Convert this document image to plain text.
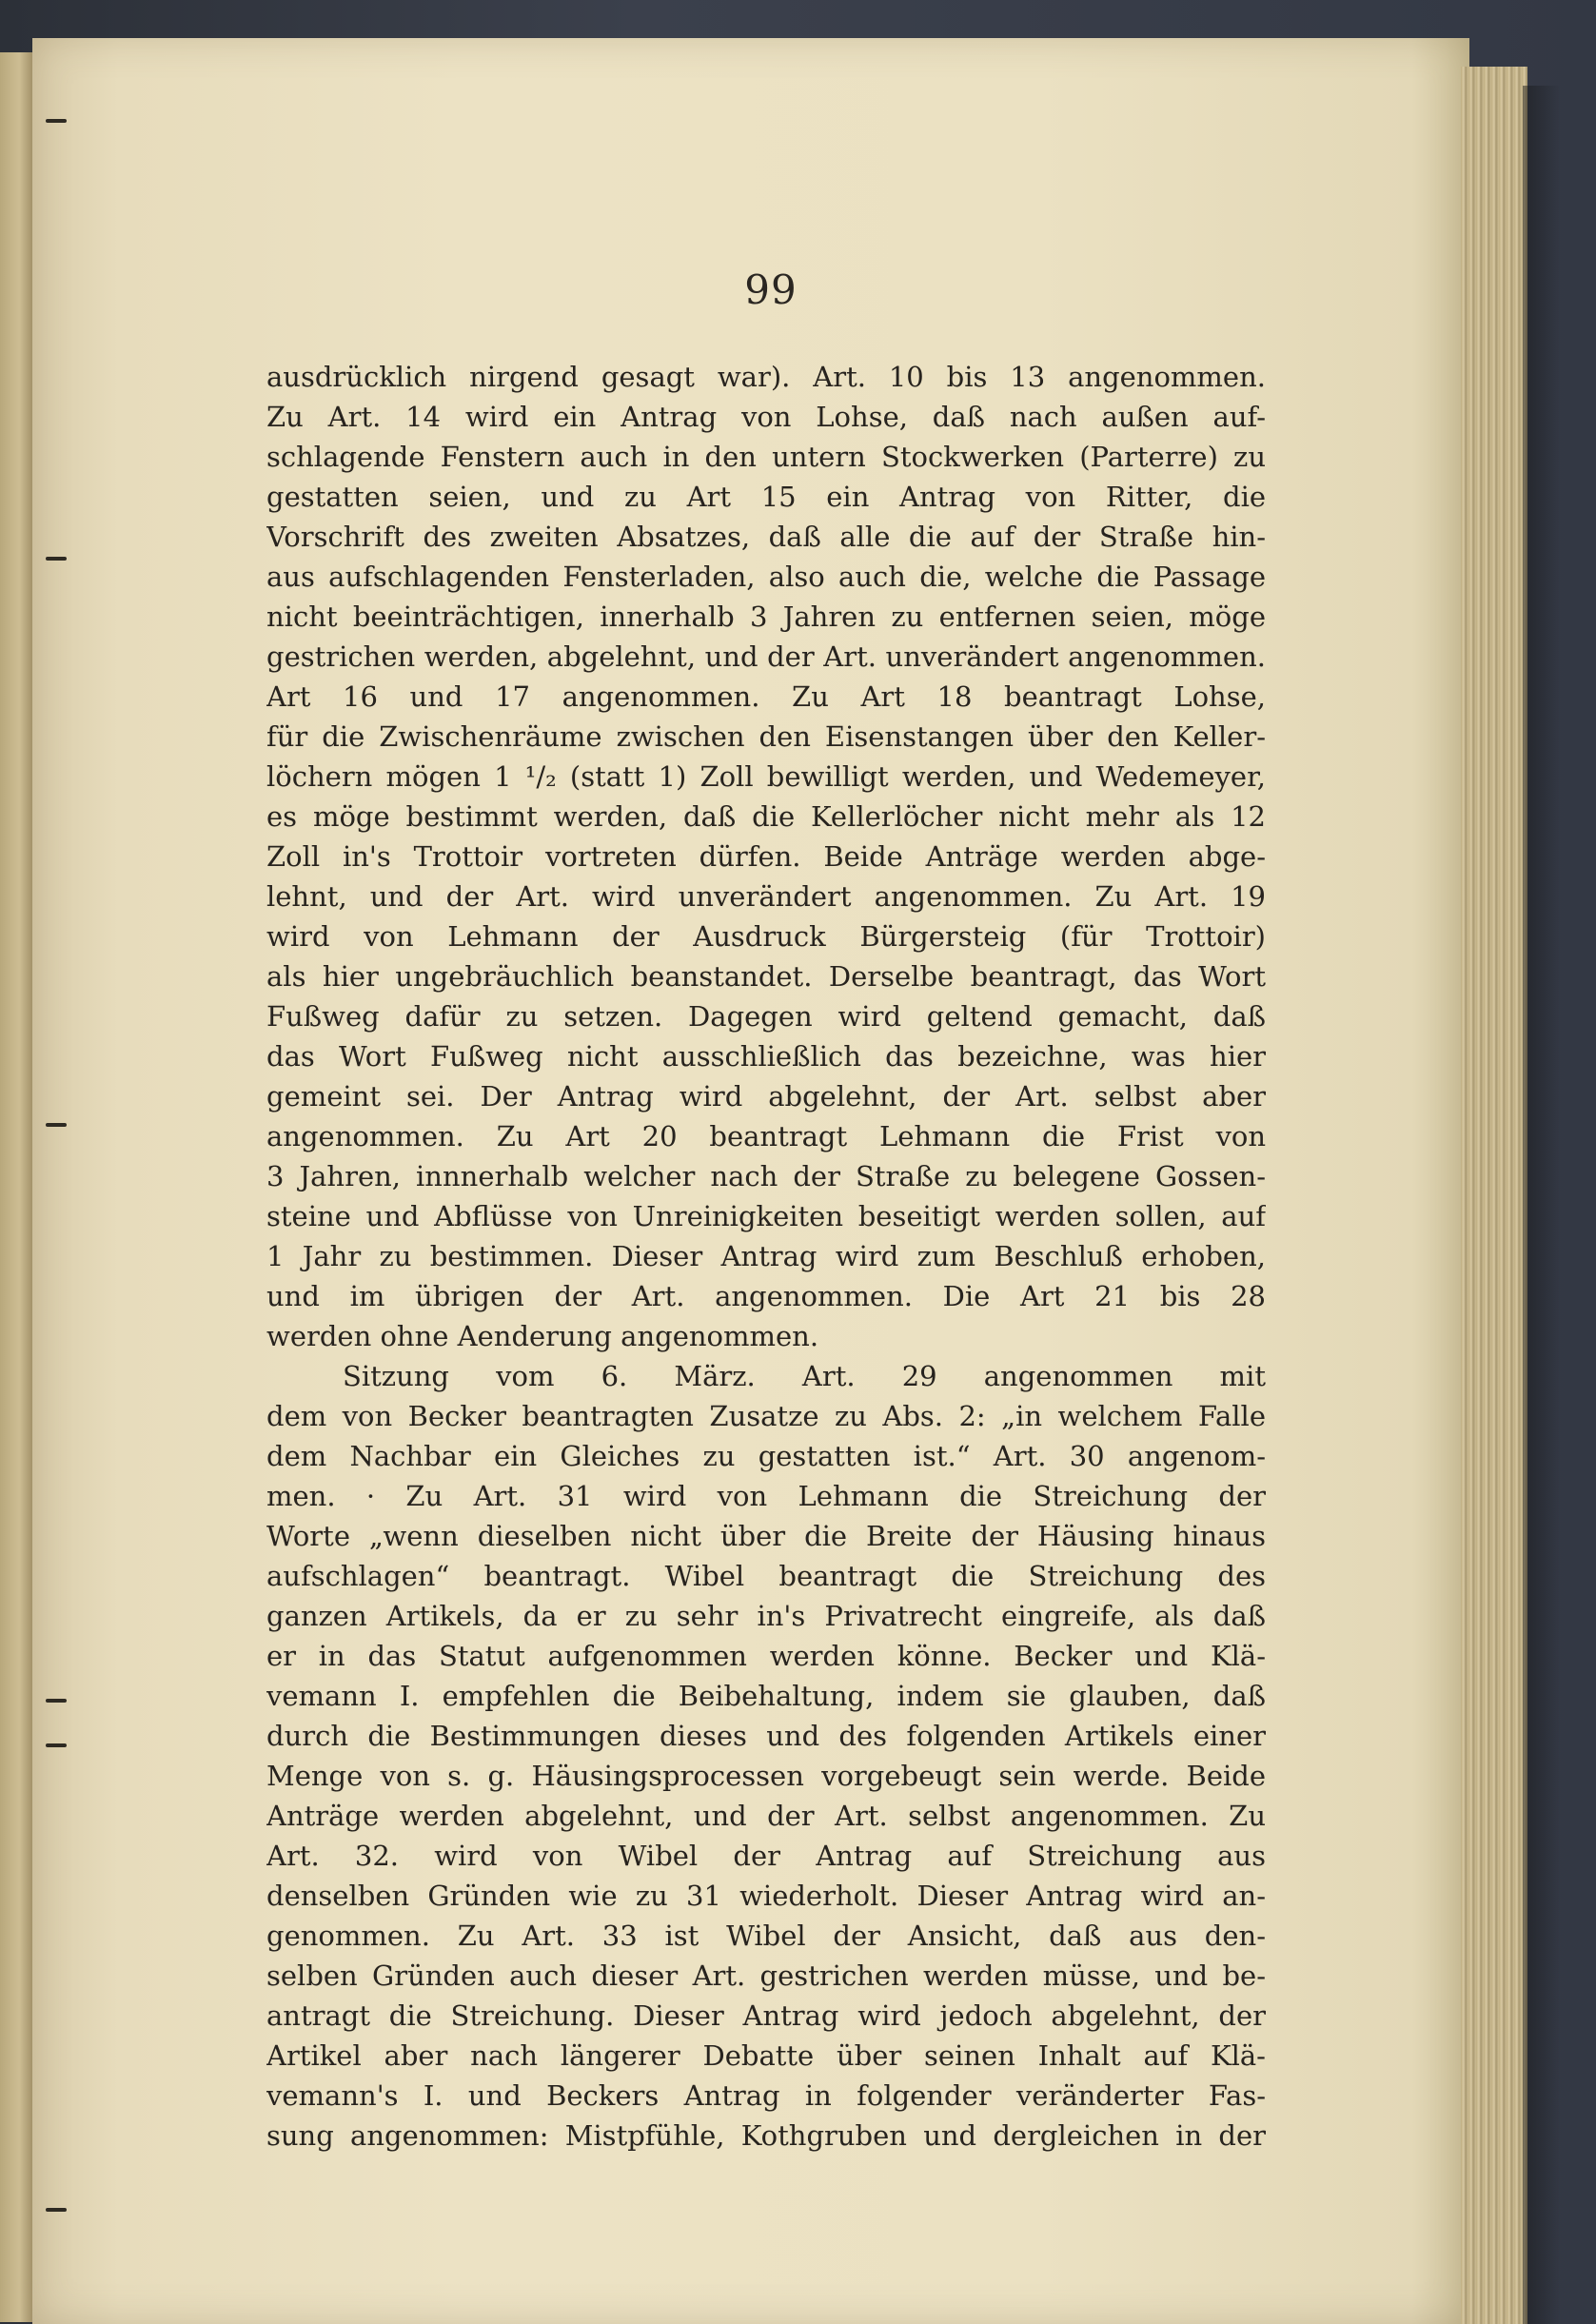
99
ausdrücklich nirgend gesagt war). Art. 10 bis 13 angenommen.
Zu Art. 14 wird ein Antrag von Lohse, daß nach außen auf-
schlagende Fenstern auch in den untern Stockwerken (Parterre) zu
gestatten seien, und zu Art 15 ein Antrag von Ritter, die
Vorschrift des zweiten Absatzes, daß alle die auf der Straße hin-
aus aufschlagenden Fensterladen, also auch die, welche die Passage
nicht beeinträchtigen, innerhalb 3 Jahren zu entfernen seien, möge
gestrichen werden, abgelehnt, und der Art. unverändert angenommen.
Art 16 und 17 angenommen. Zu Art 18 beantragt Lohse,
für die Zwischenräume zwischen den Eisenstangen über den Keller-
löchern mögen 1 ¹/₂ (statt 1) Zoll bewilligt werden, und Wedemeyer,
es möge bestimmt werden, daß die Kellerlöcher nicht mehr als 12
Zoll in's Trottoir vortreten dürfen. Beide Anträge werden abge-
lehnt, und der Art. wird unverändert angenommen. Zu Art. 19
wird von Lehmann der Ausdruck Bürgersteig (für Trottoir)
als hier ungebräuchlich beanstandet. Derselbe beantragt, das Wort
Fußweg dafür zu setzen. Dagegen wird geltend gemacht, daß
das Wort Fußweg nicht ausschließlich das bezeichne, was hier
gemeint sei. Der Antrag wird abgelehnt, der Art. selbst aber
angenommen. Zu Art 20 beantragt Lehmann die Frist von
3 Jahren, innnerhalb welcher nach der Straße zu belegene Gossen-
steine und Abflüsse von Unreinigkeiten beseitigt werden sollen, auf
1 Jahr zu bestimmen. Dieser Antrag wird zum Beschluß erhoben,
und im übrigen der Art. angenommen. Die Art 21 bis 28
werden ohne Aenderung angenommen.
Sitzung vom 6. März. Art. 29 angenommen mit
dem von Becker beantragten Zusatze zu Abs. 2: „in welchem Falle
dem Nachbar ein Gleiches zu gestatten ist.“ Art. 30 angenom-
men. · Zu Art. 31 wird von Lehmann die Streichung der
Worte „wenn dieselben nicht über die Breite der Häusing hinaus
aufschlagen“ beantragt. Wibel beantragt die Streichung des
ganzen Artikels, da er zu sehr in's Privatrecht eingreife, als daß
er in das Statut aufgenommen werden könne. Becker und Klä-
vemann I. empfehlen die Beibehaltung, indem sie glauben, daß
durch die Bestimmungen dieses und des folgenden Artikels einer
Menge von s. g. Häusingsprocessen vorgebeugt sein werde. Beide
Anträge werden abgelehnt, und der Art. selbst angenommen. Zu
Art. 32. wird von Wibel der Antrag auf Streichung aus
denselben Gründen wie zu 31 wiederholt. Dieser Antrag wird an-
genommen. Zu Art. 33 ist Wibel der Ansicht, daß aus den-
selben Gründen auch dieser Art. gestrichen werden müsse, und be-
antragt die Streichung. Dieser Antrag wird jedoch abgelehnt, der
Artikel aber nach längerer Debatte über seinen Inhalt auf Klä-
vemann's I. und Beckers Antrag in folgender veränderter Fas-
sung angenommen: Mistpfühle, Kothgruben und dergleichen in der
